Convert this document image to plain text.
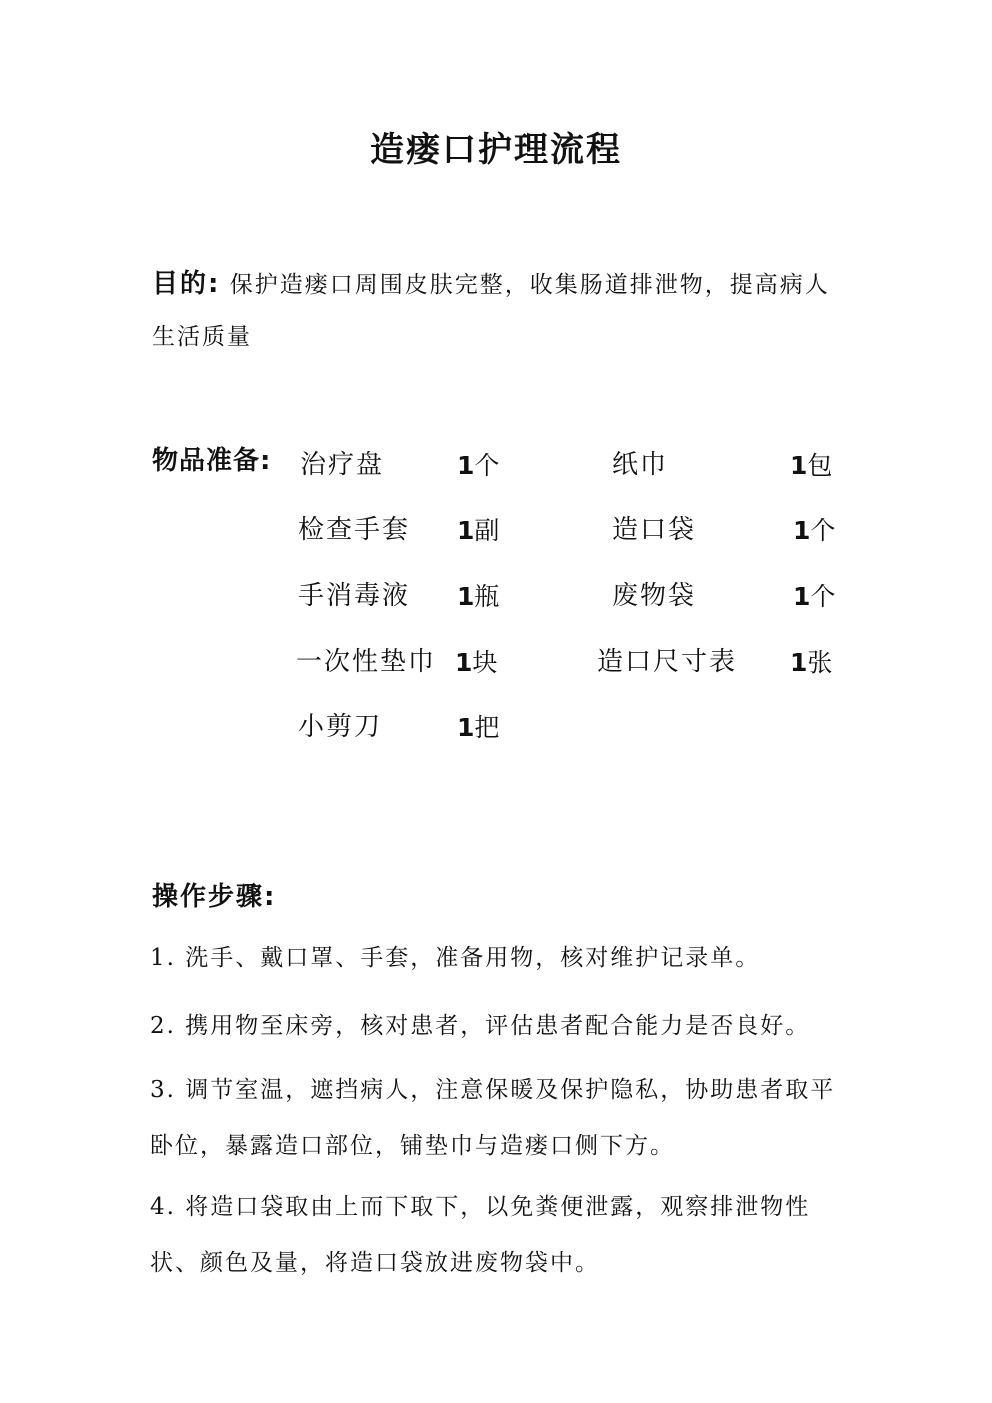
造瘘口护理流程
目的: 保护造瘘口周围皮肤完整，收集肠道排泄物，提高病人生活质量
物品准备: 治疗盘	1个	纸巾	1包
检查手套 1副	造口袋	1个
手消毒液 1瓶	废物袋	1个
一次性垫巾 1块	造口尺寸表 1张
小剪刀	1把
操作步骤:
1. 洗手、戴口罩、手套，准备用物，核对维护记录单。
2. 携用物至床旁，核对患者，评估患者配合能力是否良好。
3. 调节室温，遮挡病人，注意保暖及保护隐私，协助患者取平卧位，暴露造口部位，铺垫巾与造瘘口侧下方。
4. 将造口袋取由上而下取下，以免粪便泄露，观察排泄物性状、颜色及量，将造口袋放进废物袋中。
